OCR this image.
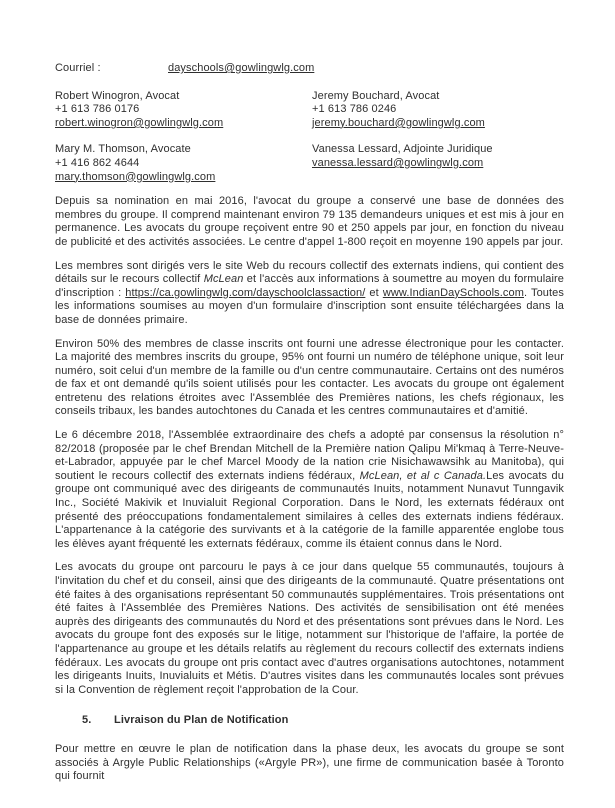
Courriel :	dayschools@gowlingwlg.com
Robert Winogron, Avocat
+1 613 786 0176
robert.winogron@gowlingwlg.com
Jeremy Bouchard, Avocat
+1 613 786 0246
jeremy.bouchard@gowlingwlg.com
Mary M. Thomson, Avocate
+1 416 862 4644
mary.thomson@gowlingwlg.com
Vanessa Lessard, Adjointe Juridique
vanessa.lessard@gowlingwlg.com

Depuis sa nomination en mai 2016, l'avocat du groupe a conservé une base de données des membres du groupe. Il comprend maintenant environ 79 135 demandeurs uniques et est mis à jour en permanence. Les avocats du groupe reçoivent entre 90 et 250 appels par jour, en fonction du niveau de publicité et des activités associées. Le centre d'appel 1-800 reçoit en moyenne 190 appels par jour.

Les membres sont dirigés vers le site Web du recours collectif des externats indiens, qui contient des détails sur le recours collectif McLean et l'accès aux informations à soumettre au moyen du formulaire d'inscription : https://ca.gowlingwlg.com/dayschoolclassaction/ et www.IndianDaySchools.com. Toutes les informations soumises au moyen d'un formulaire d'inscription sont ensuite téléchargées dans la base de données primaire.

Environ 50% des membres de classe inscrits ont fourni une adresse électronique pour les contacter. La majorité des membres inscrits du groupe, 95% ont fourni un numéro de téléphone unique, soit leur numéro, soit celui d'un membre de la famille ou d'un centre communautaire. Certains ont des numéros de fax et ont demandé qu'ils soient utilisés pour les contacter. Les avocats du groupe ont également entretenu des relations étroites avec l'Assemblée des Premières nations, les chefs régionaux, les conseils tribaux, les bandes autochtones du Canada et les centres communautaires et d'amitié.

Le 6 décembre 2018, l'Assemblée extraordinaire des chefs a adopté par consensus la résolution n° 82/2018 (proposée par le chef Brendan Mitchell de la Première nation Qalipu Mi'kmaq à Terre-Neuve-et-Labrador, appuyée par le chef Marcel Moody de la nation crie Nisichawawsihk au Manitoba), qui soutient le recours collectif des externats indiens fédéraux, McLean, et al c Canada.Les avocats du groupe ont communiqué avec des dirigeants de communautés Inuits, notamment Nunavut Tunngavik Inc., Société Makivik et Inuvialuit Regional Corporation. Dans le Nord, les externats fédéraux ont présenté des préoccupations fondamentalement similaires à celles des externats indiens fédéraux. L'appartenance à la catégorie des survivants et à la catégorie de la famille apparentée englobe tous les élèves ayant fréquenté les externats fédéraux, comme ils étaient connus dans le Nord.

Les avocats du groupe ont parcouru le pays à ce jour dans quelque 55 communautés, toujours à l'invitation du chef et du conseil, ainsi que des dirigeants de la communauté. Quatre présentations ont été faites à des organisations représentant 50 communautés supplémentaires. Trois présentations ont été faites à l'Assemblée des Premières Nations. Des activités de sensibilisation ont été menées auprès des dirigeants des communautés du Nord et des présentations sont prévues dans le Nord. Les avocats du groupe font des exposés sur le litige, notamment sur l'historique de l'affaire, la portée de l'appartenance au groupe et les détails relatifs au règlement du recours collectif des externats indiens fédéraux. Les avocats du groupe ont pris contact avec d'autres organisations autochtones, notamment les dirigeants Inuits, Inuvialuits et Métis. D'autres visites dans les communautés locales sont prévues si la Convention de règlement reçoit l'approbation de la Cour.

5. Livraison du Plan de Notification

Pour mettre en œuvre le plan de notification dans la phase deux, les avocats du groupe se sont associés à Argyle Public Relationships («Argyle PR»), une firme de communication basée à Toronto qui fournit
